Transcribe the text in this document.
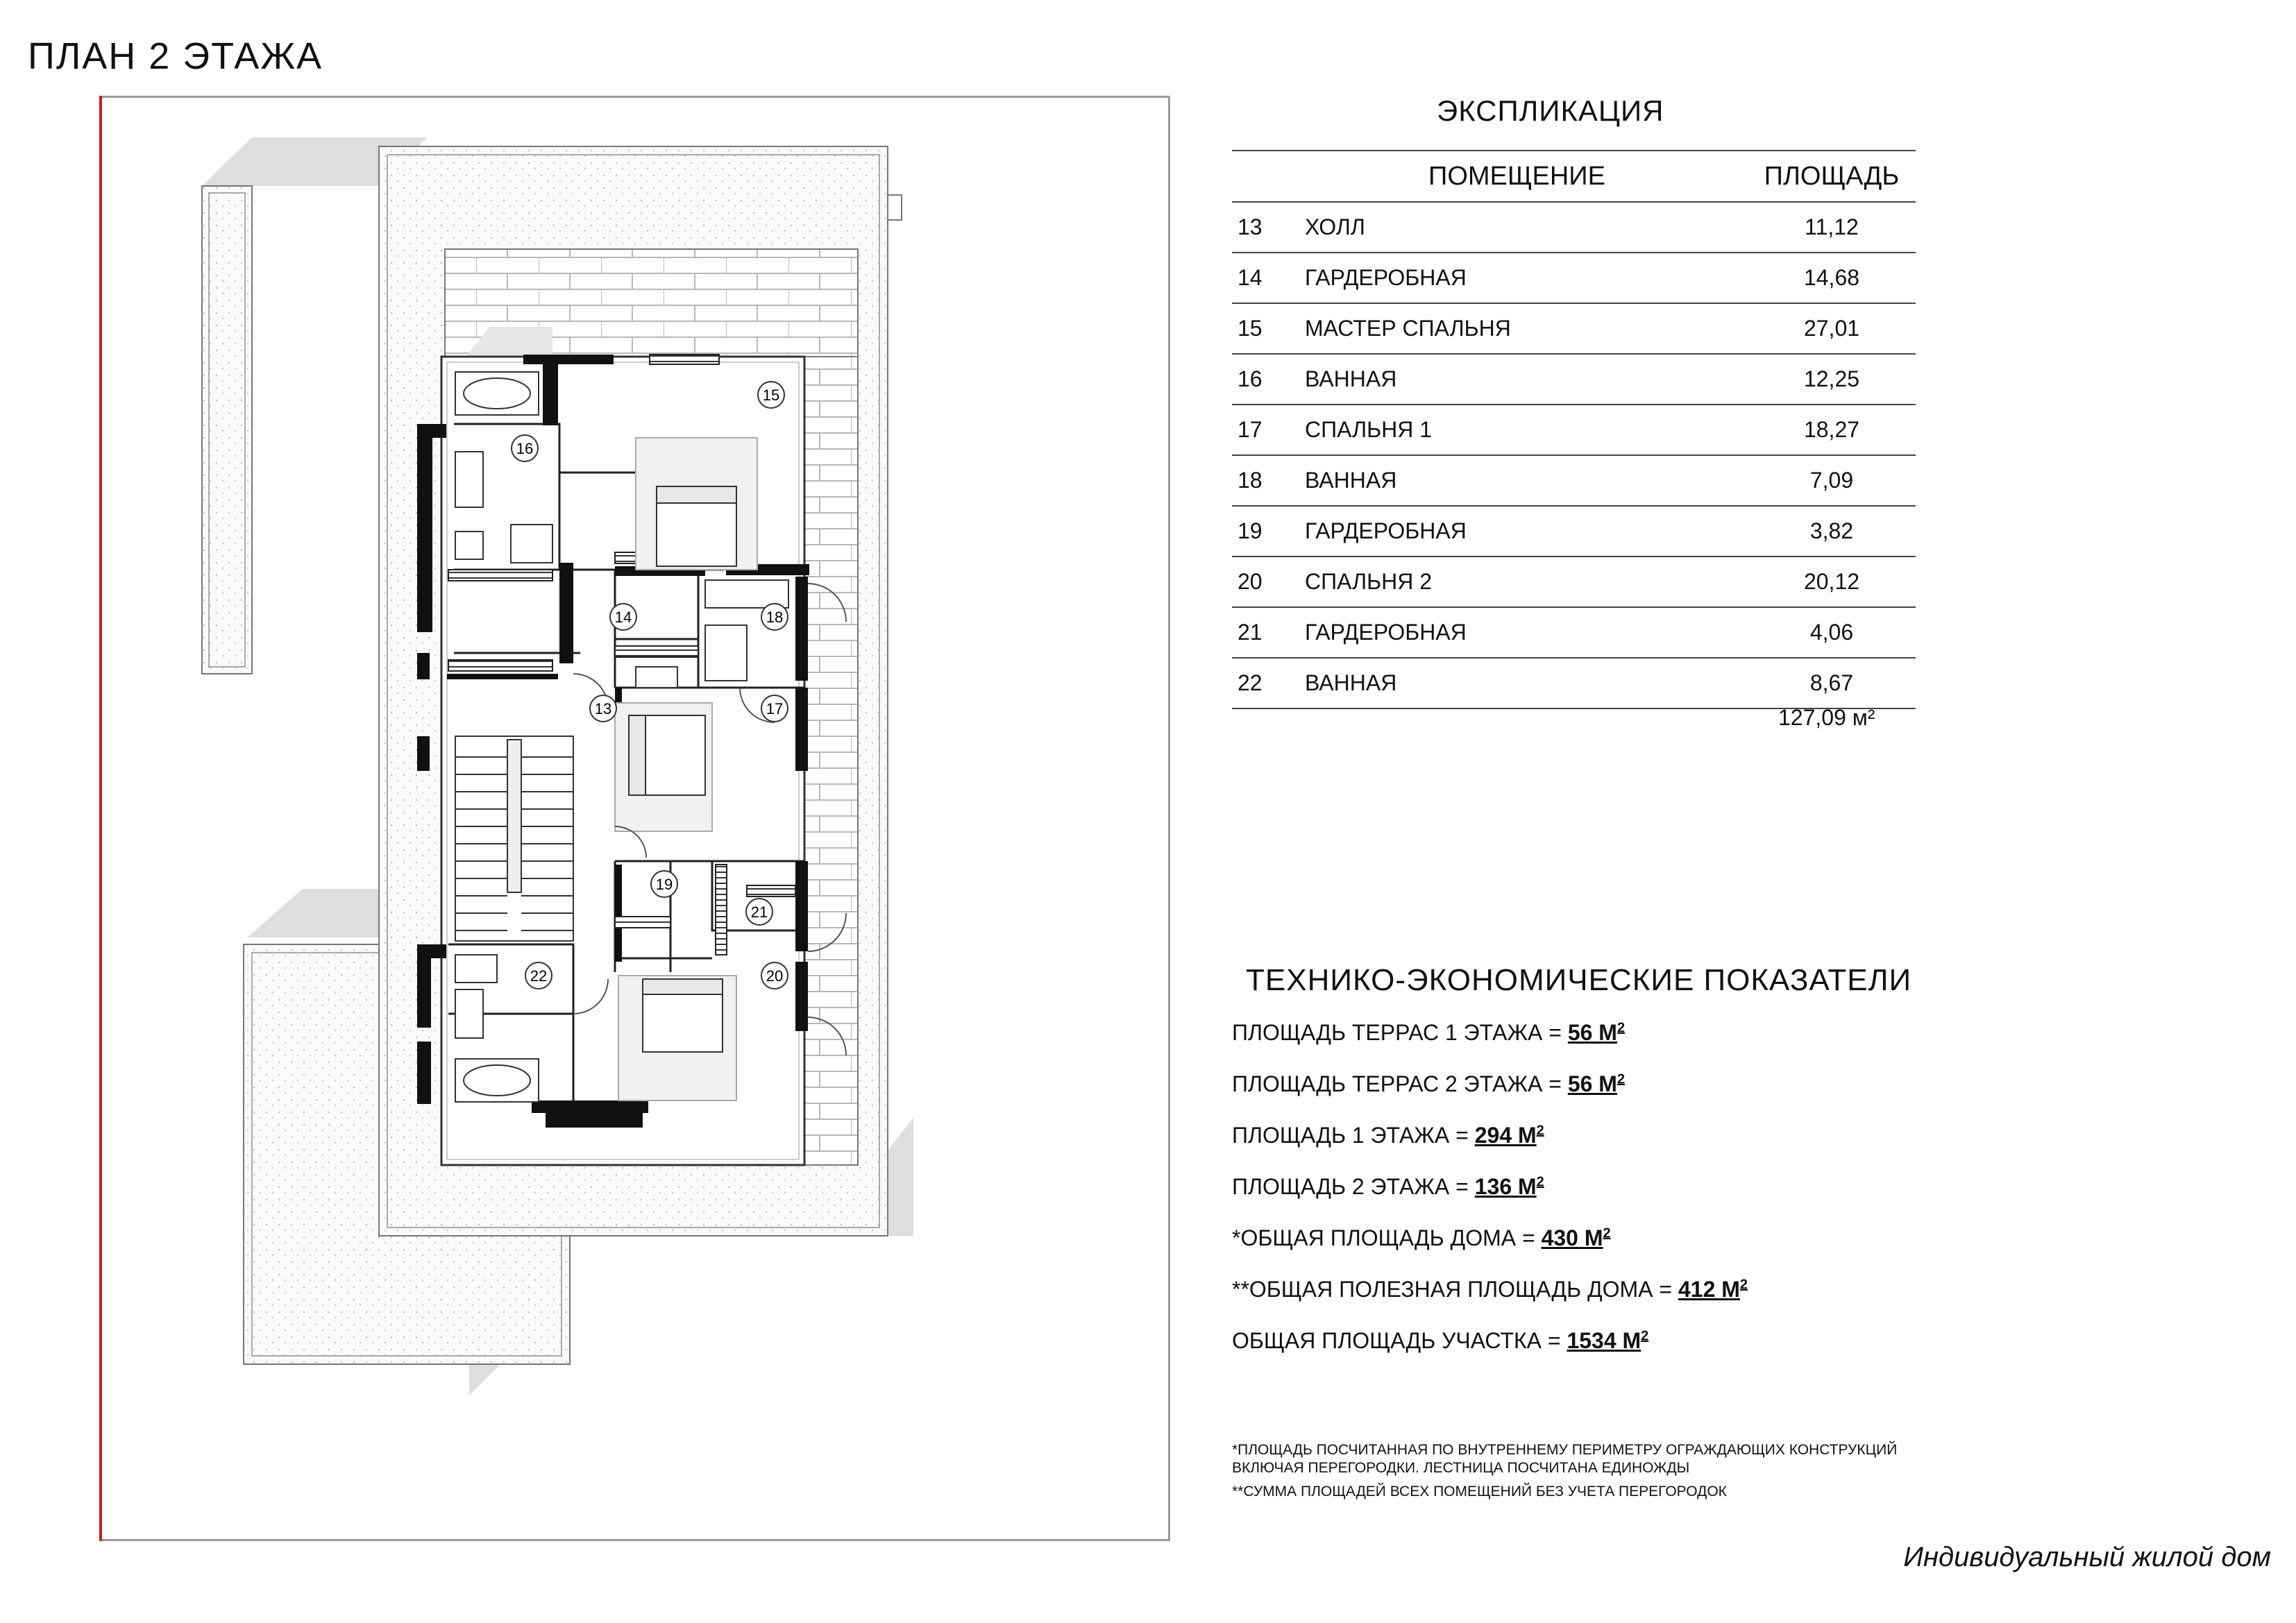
ПЛАН 2 ЭТАЖА
15
16
14	18
13	17
19
21
22	20
ЭКСПЛИКАЦИЯ
ПОМЕЩЕНИЕ		ПЛОЩАДЬ
13	ХОЛЛ	11,12
14	ГАРДЕРОБНАЯ	14,68
15	МАСТЕР СПАЛЬНЯ	27,01
16	ВАННАЯ	12,25
17	СПАЛЬНЯ 1	18,27
18	ВАННАЯ	7,09
19	ГАРДЕРОБНАЯ	3,82
20	СПАЛЬНЯ 2	20,12
21	ГАРДЕРОБНАЯ	4,06
22	ВАННАЯ	8,67
127,09 м²
ТЕХНИКО-ЭКОНОМИЧЕСКИЕ ПОКАЗАТЕЛИ
ПЛОЩАДЬ ТЕРРАС 1 ЭТАЖА = 56 $М^2$
ПЛОЩАДЬ ТЕРРАС 2 ЭТАЖА = 56 $М^2$
ПЛОЩАДЬ 1 ЭТАЖА = 294 $М^2$
ПЛОЩАДЬ 2 ЭТАЖА = 136 $М^2$
*ОБЩАЯ ПЛОЩАДЬ ДОМА = 430 $М^2$
**ОБЩАЯ ПОЛЕЗНАЯ ПЛОЩАДЬ ДОМА = 412 $М^2$
ОБЩАЯ ПЛОЩАДЬ УЧАСТКА = 1534 $М^2$
*ПЛОЩАДЬ ПОСЧИТАННАЯ ПО ВНУТРЕННЕМУ ПЕРИМЕТРУ ОГРАЖДАЮЩИХ КОНСТРУКЦИЙ
ВКЛЮЧАЯ ПЕРЕГОРОДКИ. ЛЕСТНИЦА ПОСЧИТАНА ЕДИНОЖДЫ
**СУММА ПЛОЩАДЕЙ ВСЕХ ПОМЕЩЕНИЙ БЕЗ УЧЕТА ПЕРЕГОРОДОК
Индивидуальный жилой дом
